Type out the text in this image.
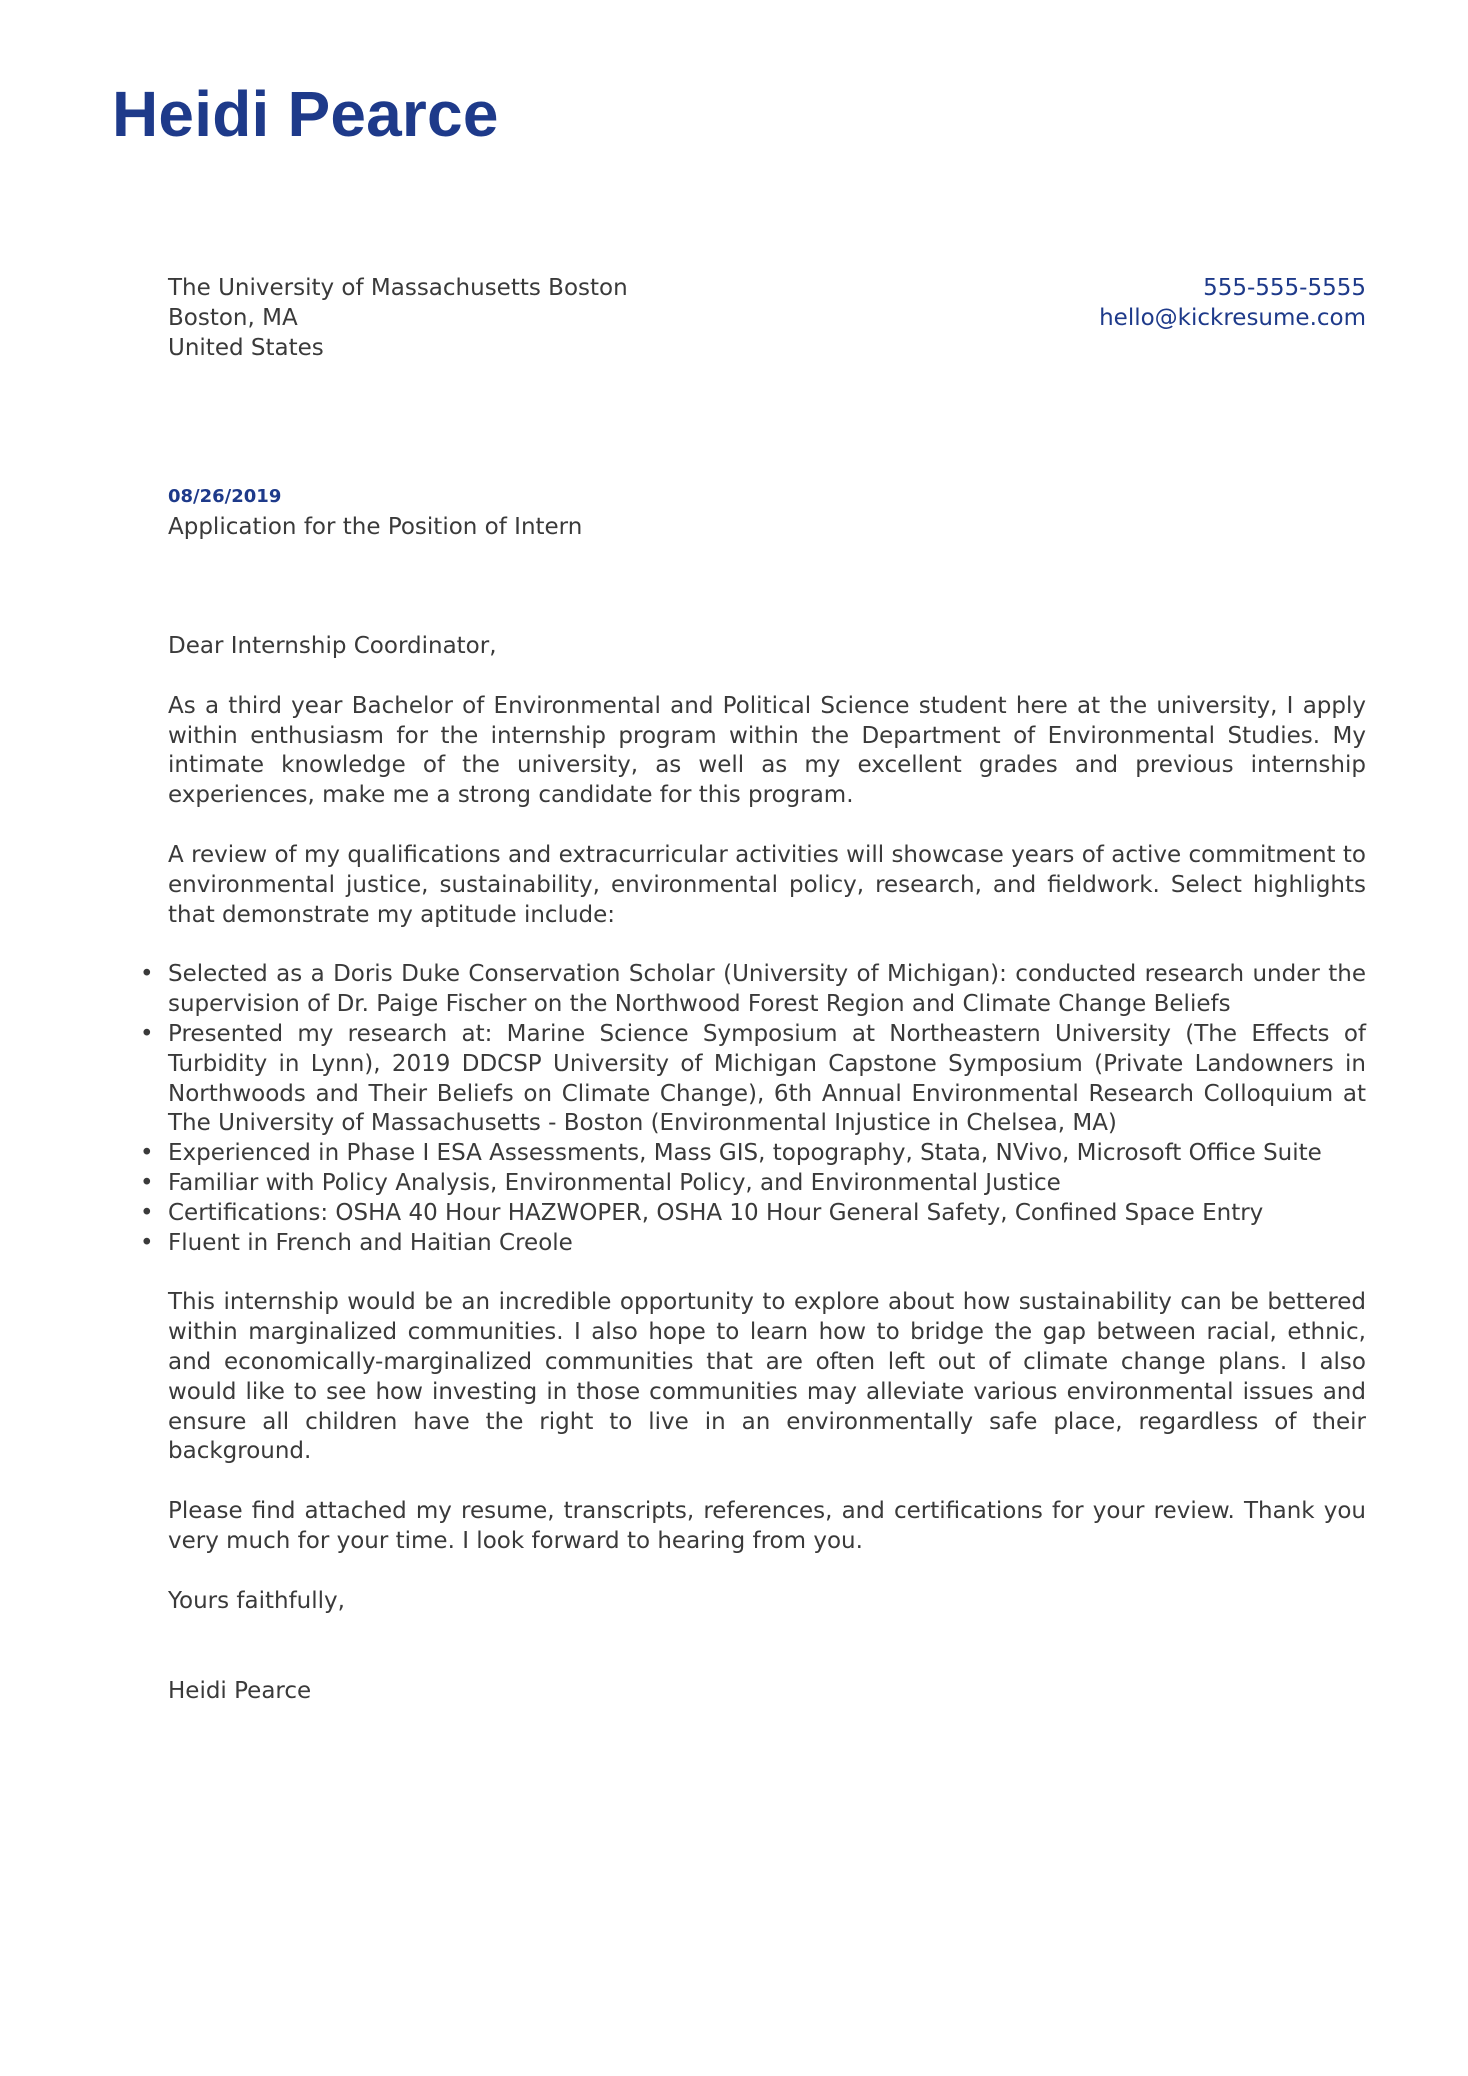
Heidi Pearce
The University of Massachusetts Boston
Boston, MA
United States
555-555-5555
hello@kickresume.com
08/26/2019
Application for the Position of Intern

Dear Internship Coordinator,

As a third year Bachelor of Environmental and Political Science student here at the university, I apply within enthusiasm for the internship program within the Department of Environmental Studies. My intimate knowledge of the university, as well as my excellent grades and previous internship experiences, make me a strong candidate for this program.

A review of my qualifications and extracurricular activities will showcase years of active commitment to environmental justice, sustainability, environmental policy, research, and fieldwork. Select highlights that demonstrate my aptitude include:

• Selected as a Doris Duke Conservation Scholar (University of Michigan): conducted research under the supervision of Dr. Paige Fischer on the Northwood Forest Region and Climate Change Beliefs
• Presented my research at: Marine Science Symposium at Northeastern University (The Effects of Turbidity in Lynn), 2019 DDCSP University of Michigan Capstone Symposium (Private Landowners in Northwoods and Their Beliefs on Climate Change), 6th Annual Environmental Research Colloquium at The University of Massachusetts - Boston (Environmental Injustice in Chelsea, MA)
• Experienced in Phase I ESA Assessments, Mass GIS, topography, Stata, NVivo, Microsoft Office Suite
• Familiar with Policy Analysis, Environmental Policy, and Environmental Justice
• Certifications: OSHA 40 Hour HAZWOPER, OSHA 10 Hour General Safety, Confined Space Entry
• Fluent in French and Haitian Creole

This internship would be an incredible opportunity to explore about how sustainability can be bettered within marginalized communities. I also hope to learn how to bridge the gap between racial, ethnic, and economically-marginalized communities that are often left out of climate change plans. I also would like to see how investing in those communities may alleviate various environmental issues and ensure all children have the right to live in an environmentally safe place, regardless of their background.

Please find attached my resume, transcripts, references, and certifications for your review. Thank you very much for your time. I look forward to hearing from you.

Yours faithfully,

Heidi Pearce
